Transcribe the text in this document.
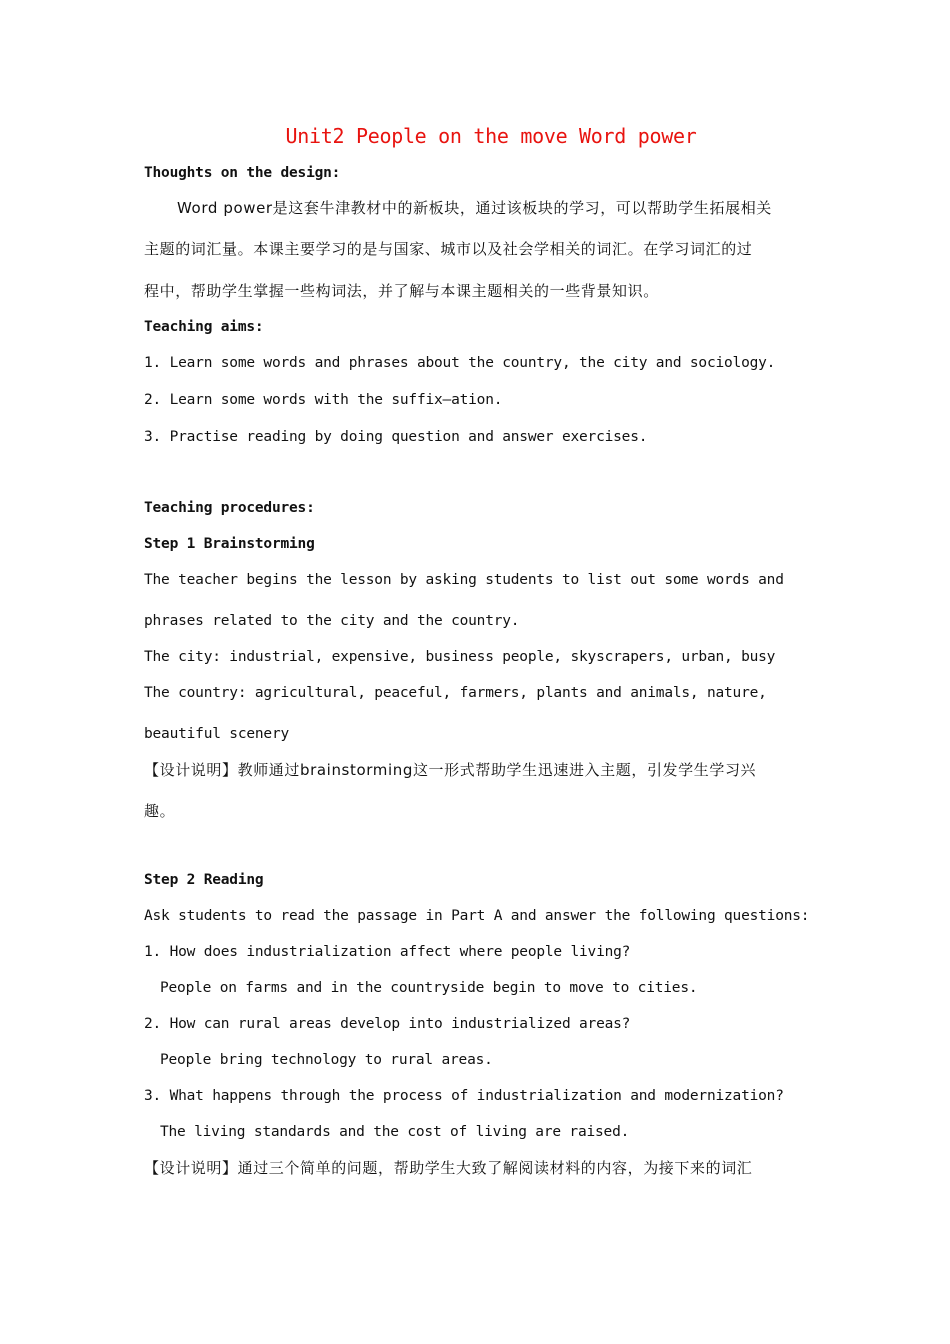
Unit2 People on the move Word power
Thoughts on the design:
Word power是这套牛津教材中的新板块，通过该板块的学习，可以帮助学生拓展相关
主题的词汇量。本课主要学习的是与国家、城市以及社会学相关的词汇。在学习词汇的过
程中，帮助学生掌握一些构词法，并了解与本课主题相关的一些背景知识。
Teaching aims:
1. Learn some words and phrases about the country, the city and sociology.
2. Learn some words with the suffix–ation.
3. Practise reading by doing question and answer exercises.
Teaching procedures:
Step 1 Brainstorming
The teacher begins the lesson by asking students to list out some words and
phrases related to the city and the country.
The city: industrial, expensive, business people, skyscrapers, urban, busy
The country: agricultural, peaceful, farmers, plants and animals, nature,
beautiful scenery
【设计说明】教师通过brainstorming这一形式帮助学生迅速进入主题，引发学生学习兴
趣。
Step 2 Reading
Ask students to read the passage in Part A and answer the following questions:
1. How does industrialization affect where people living?
People on farms and in the countryside begin to move to cities.
2. How can rural areas develop into industrialized areas?
People bring technology to rural areas.
3. What happens through the process of industrialization and modernization?
The living standards and the cost of living are raised.
【设计说明】通过三个简单的问题，帮助学生大致了解阅读材料的内容，为接下来的词汇
